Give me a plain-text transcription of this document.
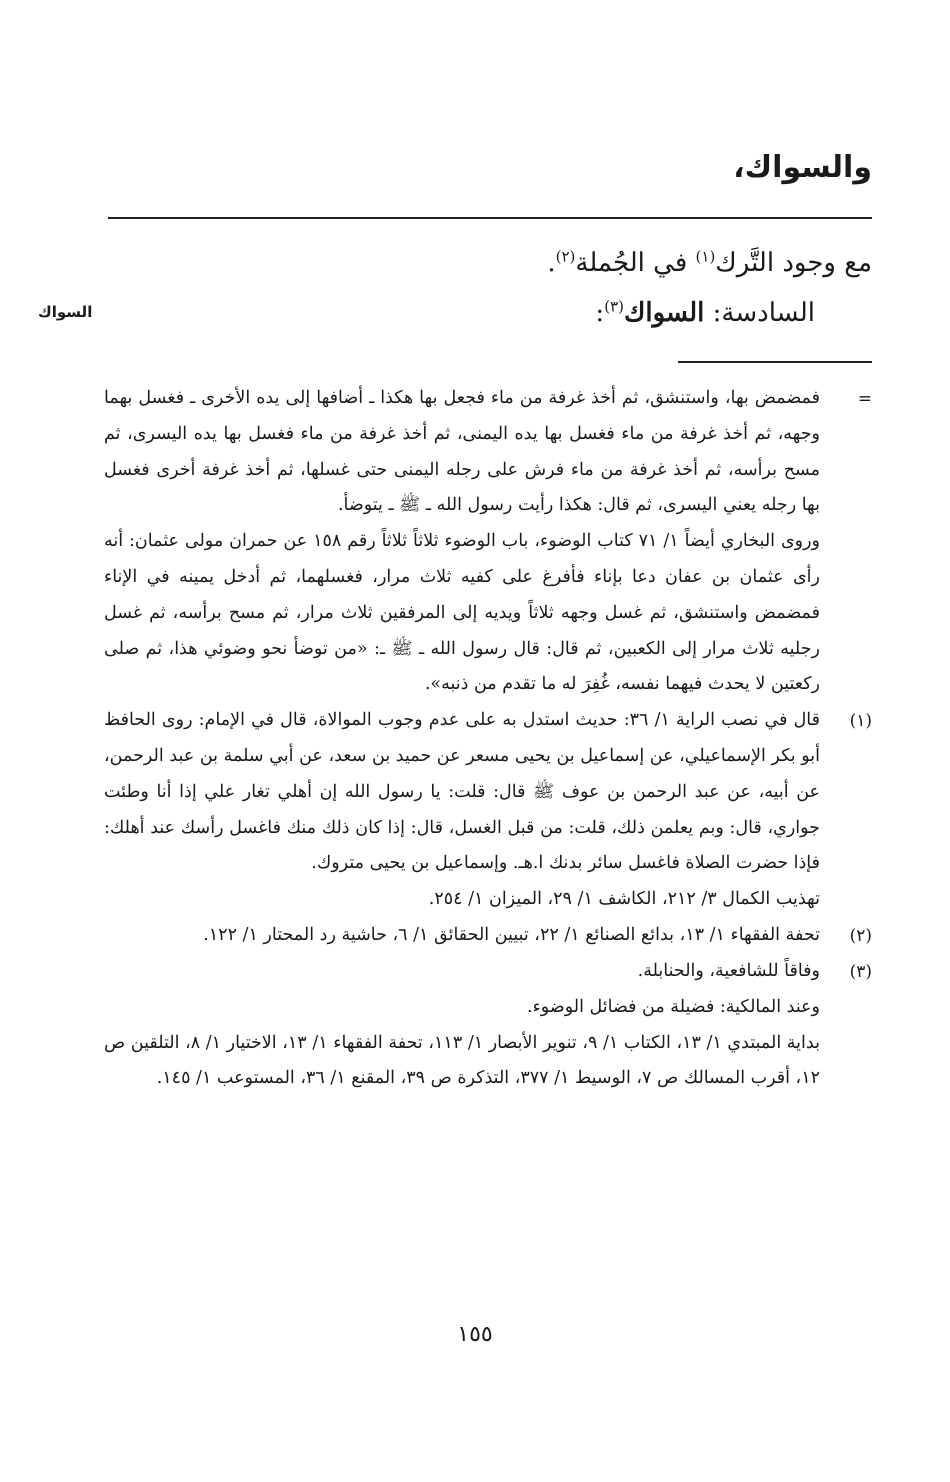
والسواك،
مع وجود التَّرك$^{(١)}$ في الجُملة$^{(٢)}$.
السادسة: السواك$^{(٣)}$:
السواك
=
فمضمض بها، واستنشق، ثم أخذ غرفة من ماء فجعل بها هكذا ـ أضافها إلى يده الأخرى ـ فغسل بهما وجهه، ثم أخذ غرفة من ماء فغسل بها يده اليمنى، ثم أخذ غرفة من ماء فغسل بها يده اليسرى، ثم مسح برأسه، ثم أخذ غرفة من ماء فرش على رجله اليمنى حتى غسلها، ثم أخذ غرفة أخرى فغسل بها رجله يعني اليسرى، ثم قال: هكذا رأيت رسول الله ـ ﷺ ـ يتوضأ.
وروى البخاري أيضاً ١/ ٧١ كتاب الوضوء، باب الوضوء ثلاثاً ثلاثاً رقم ١٥٨ عن حمران مولى عثمان: أنه رأى عثمان بن عفان دعا بإناء فأفرغ على كفيه ثلاث مرار، فغسلهما، ثم أدخل يمينه في الإناء فمضمض واستنشق، ثم غسل وجهه ثلاثاً ويديه إلى المرفقين ثلاث مرار، ثم مسح برأسه، ثم غسل رجليه ثلاث مرار إلى الكعبين، ثم قال: قال رسول الله ـ ﷺ ـ: «من توضأ نحو وضوئي هذا، ثم صلى ركعتين لا يحدث فيهما نفسه، غُفِرَ له ما تقدم من ذنبه».
(١)
قال في نصب الراية ١/ ٣٦: حديث استدل به على عدم وجوب الموالاة، قال في الإمام: روى الحافظ أبو بكر الإسماعيلي، عن إسماعيل بن يحيى مسعر عن حميد بن سعد، عن أبي سلمة بن عبد الرحمن، عن أبيه، عن عبد الرحمن بن عوف ﷺ قال: قلت: يا رسول الله إن أهلي تغار علي إذا أنا وطئت جواري، قال: وبم يعلمن ذلك، قلت: من قبل الغسل، قال: إذا كان ذلك منك فاغسل رأسك عند أهلك: فإذا حضرت الصلاة فاغسل سائر بدنك ا.هـ. وإسماعيل بن يحيى متروك.
تهذيب الكمال ٣/ ٢١٢، الكاشف ١/ ٢٩، الميزان ١/ ٢٥٤.
(٢)
تحفة الفقهاء ١/ ١٣، بدائع الصنائع ١/ ٢٢، تبيين الحقائق ١/ ٦، حاشية رد المحتار ١/ ١٢٢.
(٣)
وفاقاً للشافعية، والحنابلة.
وعند المالكية: فضيلة من فضائل الوضوء.
بداية المبتدي ١/ ١٣، الكتاب ١/ ٩، تنوير الأبصار ١/ ١١٣، تحفة الفقهاء ١/ ١٣، الاختيار ١/ ٨، التلقين ص ١٢، أقرب المسالك ص ٧، الوسيط ١/ ٣٧٧، التذكرة ص ٣٩، المقنع ١/ ٣٦، المستوعب ١/ ١٤٥.
١٥٥
